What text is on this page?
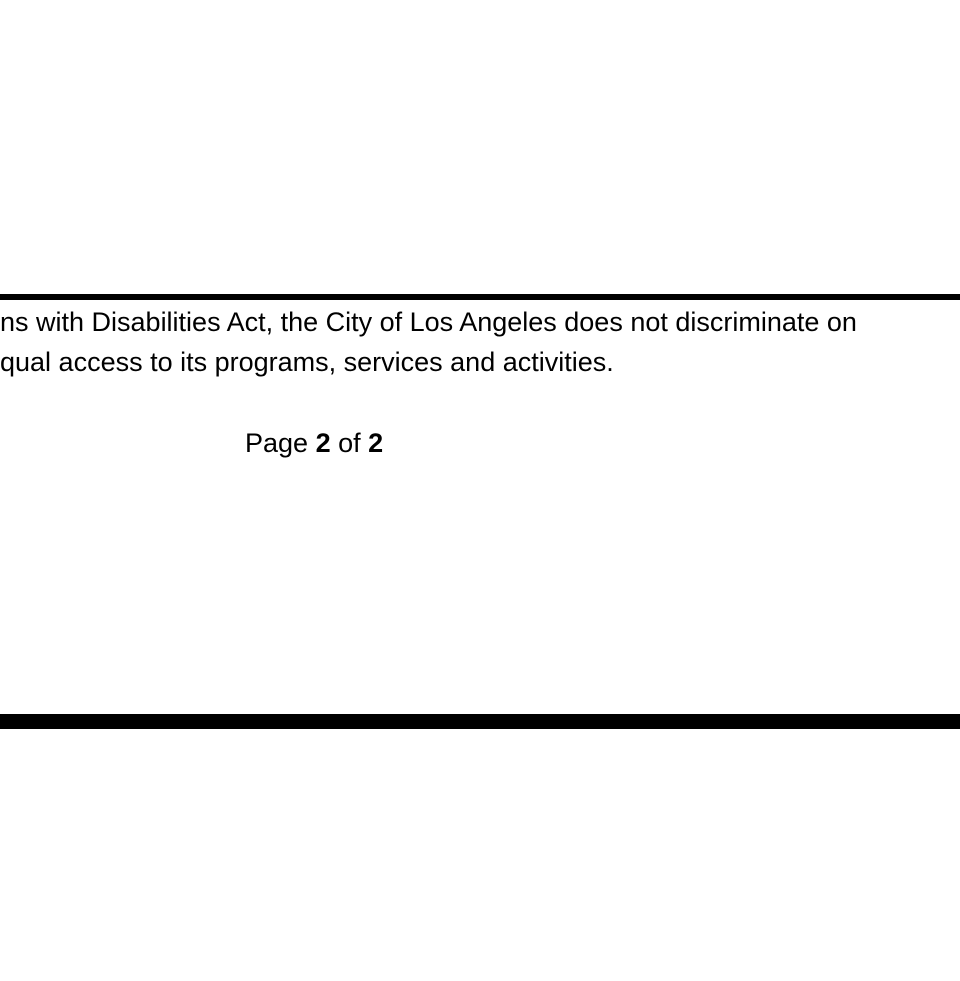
ns with Disabilities Act, the City of Los Angeles does not discriminate on
qual access to its programs, services and activities.
Page 2 of 2
